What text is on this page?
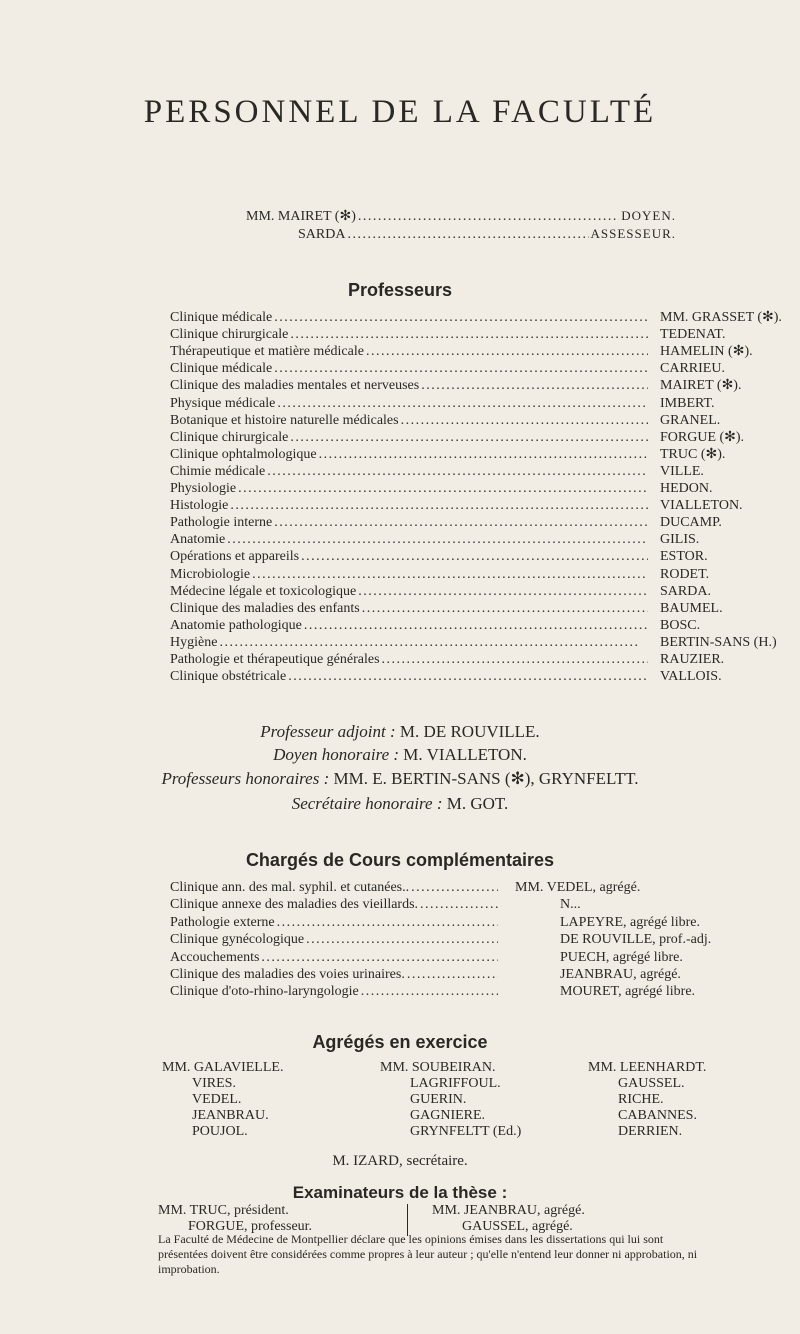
PERSONNEL DE LA FACULTÉ
MM. MAIRET (✻) . . .	DOYEN.
SARDA . . .	ASSESSEUR.
Professeurs
Clinique médicale . . .	MM. GRASSET (✻).
Clinique chirurgicale . . .	TEDENAT.
Thérapeutique et matière médicale . . .	HAMELIN (✻).
Clinique médicale . . .	CARRIEU.
Clinique des maladies mentales et nerveuses . . .	MAIRET (✻).
Physique médicale . . .	IMBERT.
Botanique et histoire naturelle médicales . . .	GRANEL.
Clinique chirurgicale . . .	FORGUE (✻).
Clinique ophtalmologique . . .	TRUC (✻).
Chimie médicale . . .	VILLE.
Physiologie . . .	HEDON.
Histologie . . .	VIALLETON.
Pathologie interne . . .	DUCAMP.
Anatomie . . .	GILIS.
Opérations et appareils . . .	ESTOR.
Microbiologie . . .	RODET.
Médecine légale et toxicologique . . .	SARDA.
Clinique des maladies des enfants . . .	BAUMEL.
Anatomie pathologique . . .	BOSC.
Hygiène . . .	BERTIN-SANS (H.)
Pathologie et thérapeutique générales . . .	RAUZIER.
Clinique obstétricale . . .	VALLOIS.
Professeur adjoint : M. DE ROUVILLE.
Doyen honoraire : M. VIALLETON.
Professeurs honoraires : MM. E. BERTIN-SANS (✻), GRYNFELTT.
Secrétaire honoraire : M. GOT.
Chargés de Cours complémentaires
Clinique ann. des mal. syphil. et cutanées.. . . .	MM. VEDEL, agrégé.
Clinique annexe des maladies des vieillards. . . .	N...
Pathologie externe . . .	LAPEYRE, agrégé libre.
Clinique gynécologique . . .	DE ROUVILLE, prof.-adj.
Accouchements . . .	PUECH, agrégé libre.
Clinique des maladies des voies urinaires. . . .	JEANBRAU, agrégé.
Clinique d'oto-rhino-laryngologie . . .	MOURET, agrégé libre.
Agrégés en exercice
MM. GALAVIELLE.
VIRES.
VEDEL.
JEANBRAU.
POUJOL.
MM. SOUBEIRAN.
LAGRIFFOUL.
GUERIN.
GAGNIERE.
GRYNFELTT (Ed.)
MM. LEENHARDT.
GAUSSEL.
RICHE.
CABANNES.
DERRIEN.
M. IZARD, secrétaire.
Examinateurs de la thèse :
MM. TRUC, président.
FORGUE, professeur.
MM. JEANBRAU, agrégé.
GAUSSEL, agrégé.
La Faculté de Médecine de Montpellier déclare que les opinions émises dans les dissertations qui lui sont présentées doivent être considérées comme propres à leur auteur ; qu'elle n'entend leur donner ni approbation, ni improbation.
